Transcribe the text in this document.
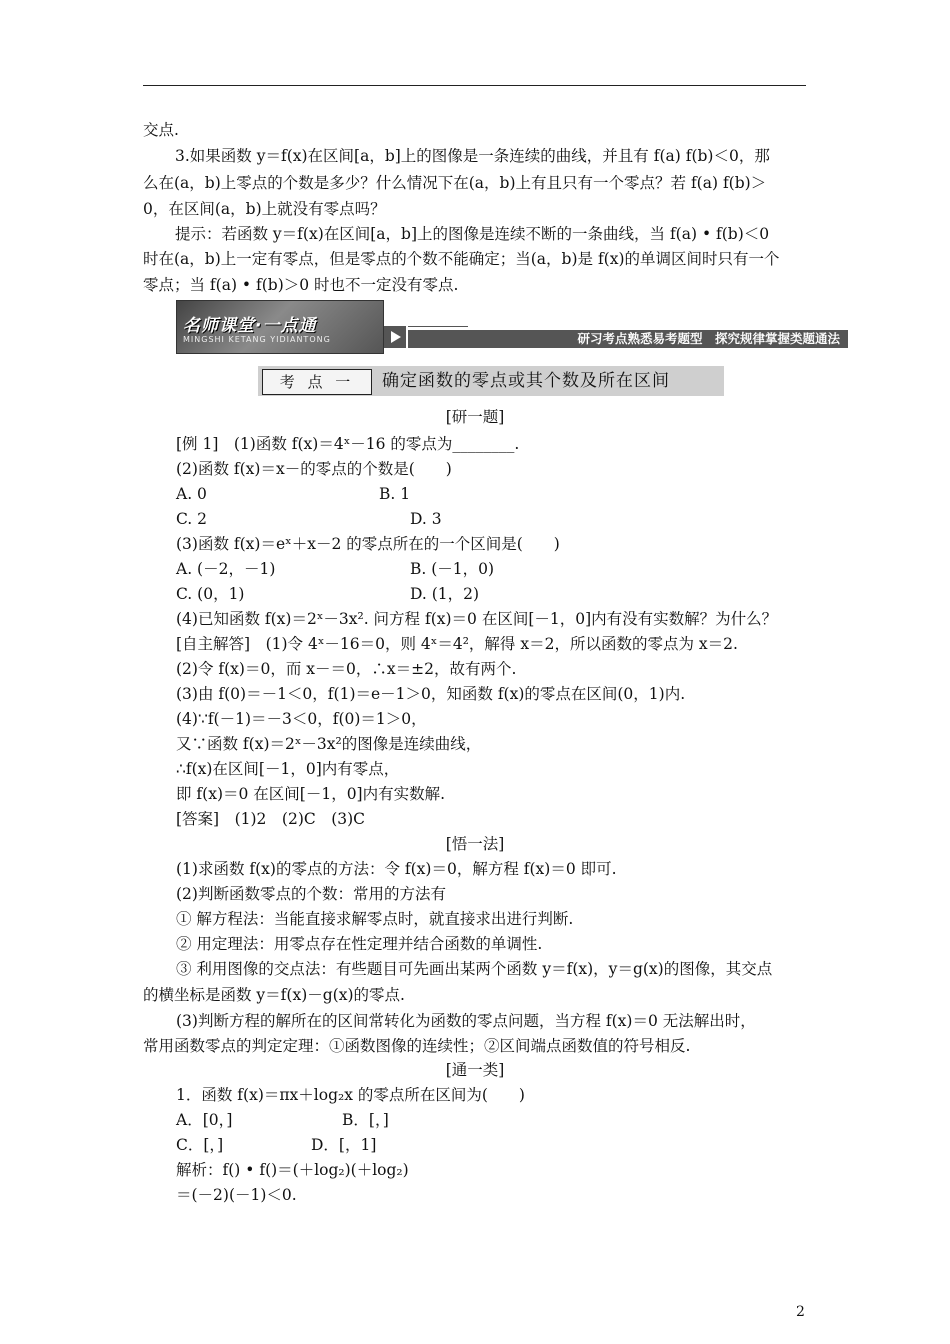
交点.
3.如果函数 y＝f(x)在区间[a，b]上的图像是一条连续的曲线，并且有 f(a) f(b)＜0，那
么在(a，b)上零点的个数是多少？什么情况下在(a，b)上有且只有一个零点？若 f(a) f(b)＞
0，在区间(a，b)上就没有零点吗？
提示：若函数 y＝f(x)在区间[a，b]上的图像是连续不断的一条曲线，当 f(a) • f(b)＜0
时在(a，b)上一定有零点，但是零点的个数不能确定；当(a，b)是 f(x)的单调区间时只有一个
零点；当 f(a) • f(b)＞0 时也不一定没有零点.
名师课堂·一点通
MINGSHI KETANG YIDIANTONG	研习考点熟悉易考题型　探究规律掌握类题通法
考 点 一	确定函数的零点或其个数及所在区间
[研一题]
[例 1]　(1)函数 f(x)＝4ˣ－16 的零点为________.
(2)函数 f(x)＝x－的零点的个数是(　　)
A. 0	B. 1
C. 2	D. 3
(3)函数 f(x)＝eˣ＋x－2 的零点所在的一个区间是(　　)
A. (－2，－1)	B. (－1，0)
C. (0，1)	D. (1，2)
(4)已知函数 f(x)＝2ˣ－3x². 问方程 f(x)＝0 在区间[－1，0]内有没有实数解？为什么？
[自主解答]　(1)令 4ˣ－16＝0，则 4ˣ＝4²，解得 x＝2，所以函数的零点为 x＝2.
(2)令 f(x)＝0，而 x－＝0，∴x＝±2，故有两个.
(3)由 f(0)＝－1＜0，f(1)＝e－1＞0，知函数 f(x)的零点在区间(0，1)内.
(4)∵f(－1)＝－3＜0，f(0)＝1＞0，
又∵函数 f(x)＝2ˣ－3x²的图像是连续曲线，
∴f(x)在区间[－1，0]内有零点，
即 f(x)＝0 在区间[－1，0]内有实数解.
[答案]　(1)2　(2)C　(3)C
[悟一法]
(1)求函数 f(x)的零点的方法：令 f(x)＝0，解方程 f(x)＝0 即可.
(2)判断函数零点的个数：常用的方法有
① 解方程法：当能直接求解零点时，就直接求出进行判断.
② 用定理法：用零点存在性定理并结合函数的单调性.
③ 利用图像的交点法：有些题目可先画出某两个函数 y＝f(x)，y＝g(x)的图像，其交点
的横坐标是函数 y＝f(x)－g(x)的零点.
(3)判断方程的解所在的区间常转化为函数的零点问题，当方程 f(x)＝0 无法解出时，
常用函数零点的判定定理：①函数图像的连续性；②区间端点函数值的符号相反.
[通一类]
1．函数 f(x)＝πx＋log₂x 的零点所在区间为(　　)
A．[0，]	B．[，]
C．[，]	D．[，1]
解析：f() • f()＝(＋log₂)(＋log₂)
＝(－2)(－1)＜0.
2
